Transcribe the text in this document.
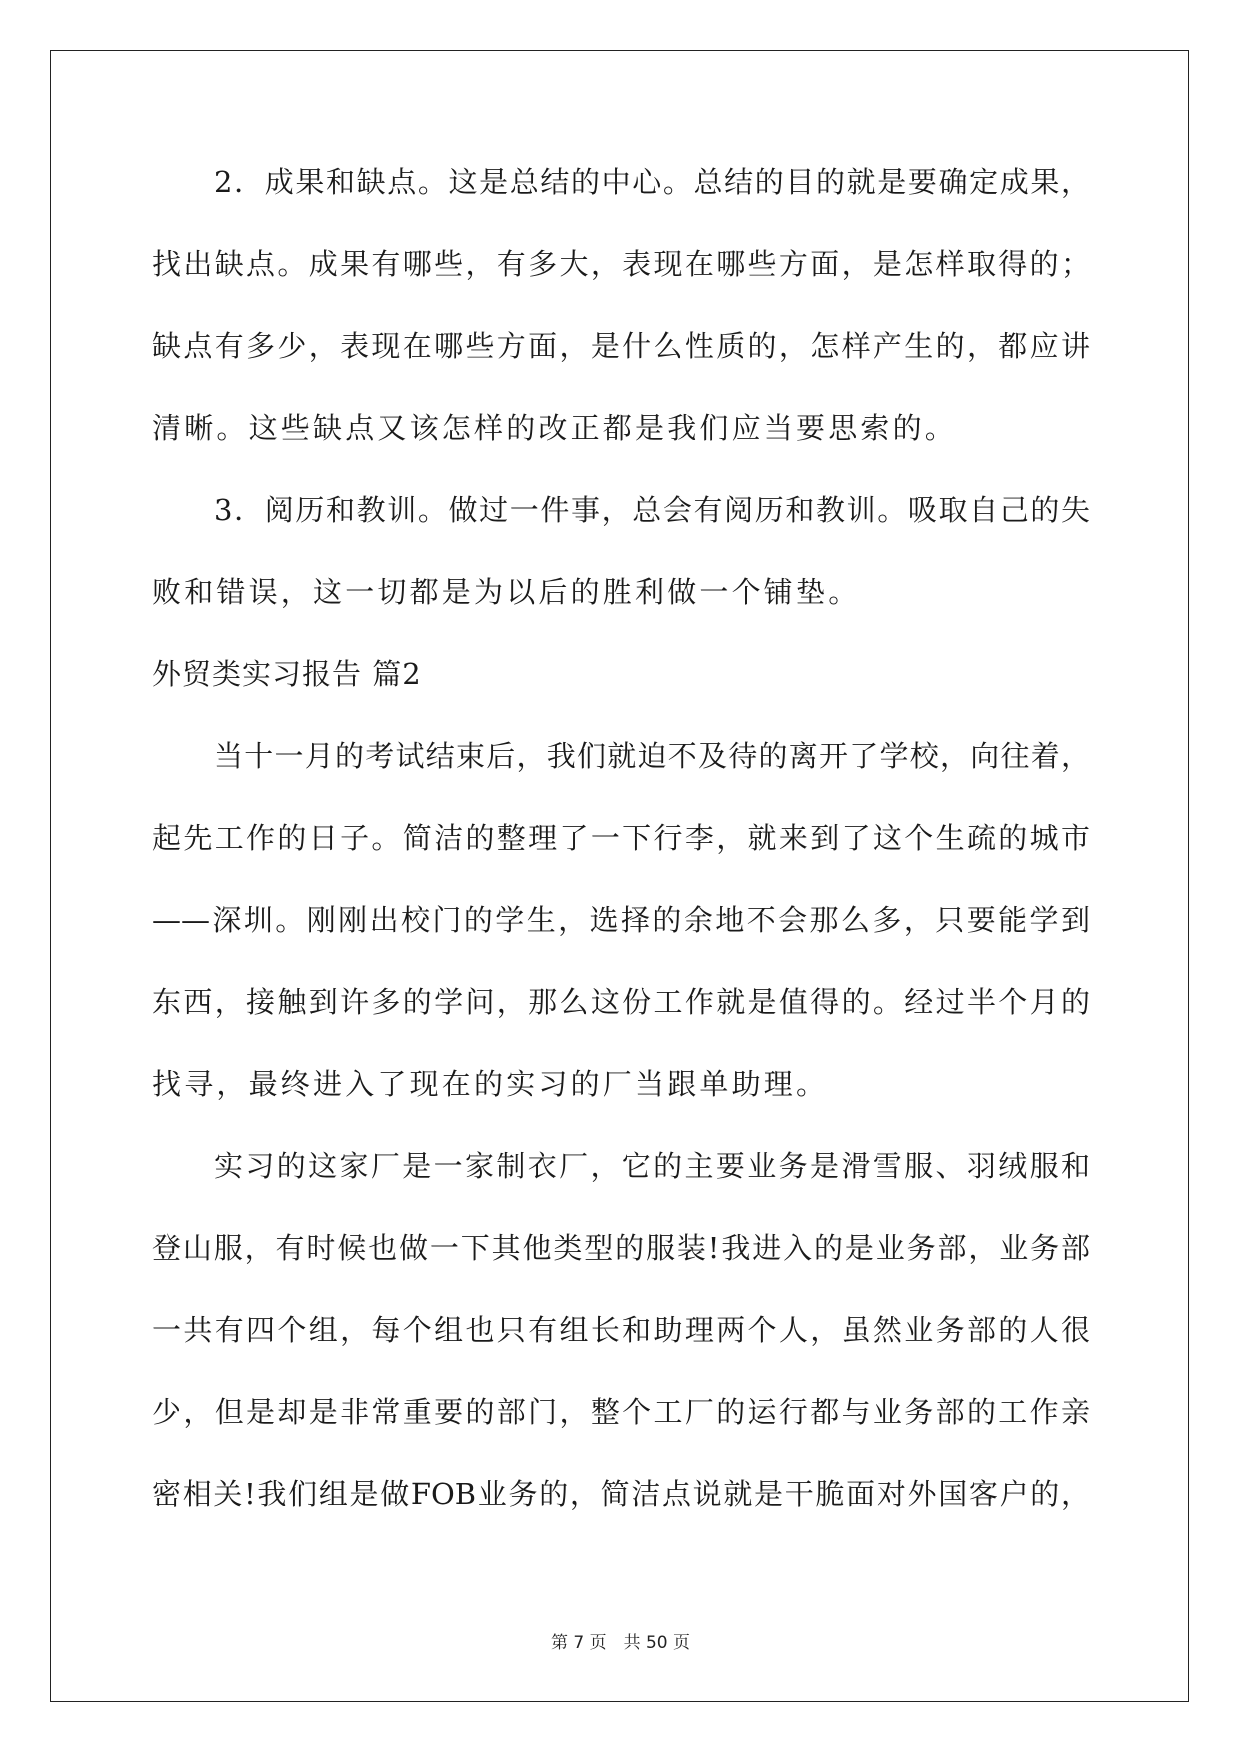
2．成果和缺点。这是总结的中心。总结的目的就是要确定成果，
找出缺点。成果有哪些，有多大，表现在哪些方面，是怎样取得的；
缺点有多少，表现在哪些方面，是什么性质的，怎样产生的，都应讲
清晰。这些缺点又该怎样的改正都是我们应当要思索的。
3．阅历和教训。做过一件事，总会有阅历和教训。吸取自己的失
败和错误，这一切都是为以后的胜利做一个铺垫。
外贸类实习报告 篇2
当十一月的考试结束后，我们就迫不及待的离开了学校，向往着，
起先工作的日子。简洁的整理了一下行李，就来到了这个生疏的城市
——深圳。刚刚出校门的学生，选择的余地不会那么多，只要能学到
东西，接触到许多的学问，那么这份工作就是值得的。经过半个月的
找寻，最终进入了现在的实习的厂当跟单助理。
实习的这家厂是一家制衣厂，它的主要业务是滑雪服、羽绒服和
登山服，有时候也做一下其他类型的服装!我进入的是业务部，业务部
一共有四个组，每个组也只有组长和助理两个人，虽然业务部的人很
少，但是却是非常重要的部门，整个工厂的运行都与业务部的工作亲
密相关!我们组是做FOB业务的，简洁点说就是干脆面对外国客户的，
第 7 页　共 50 页
